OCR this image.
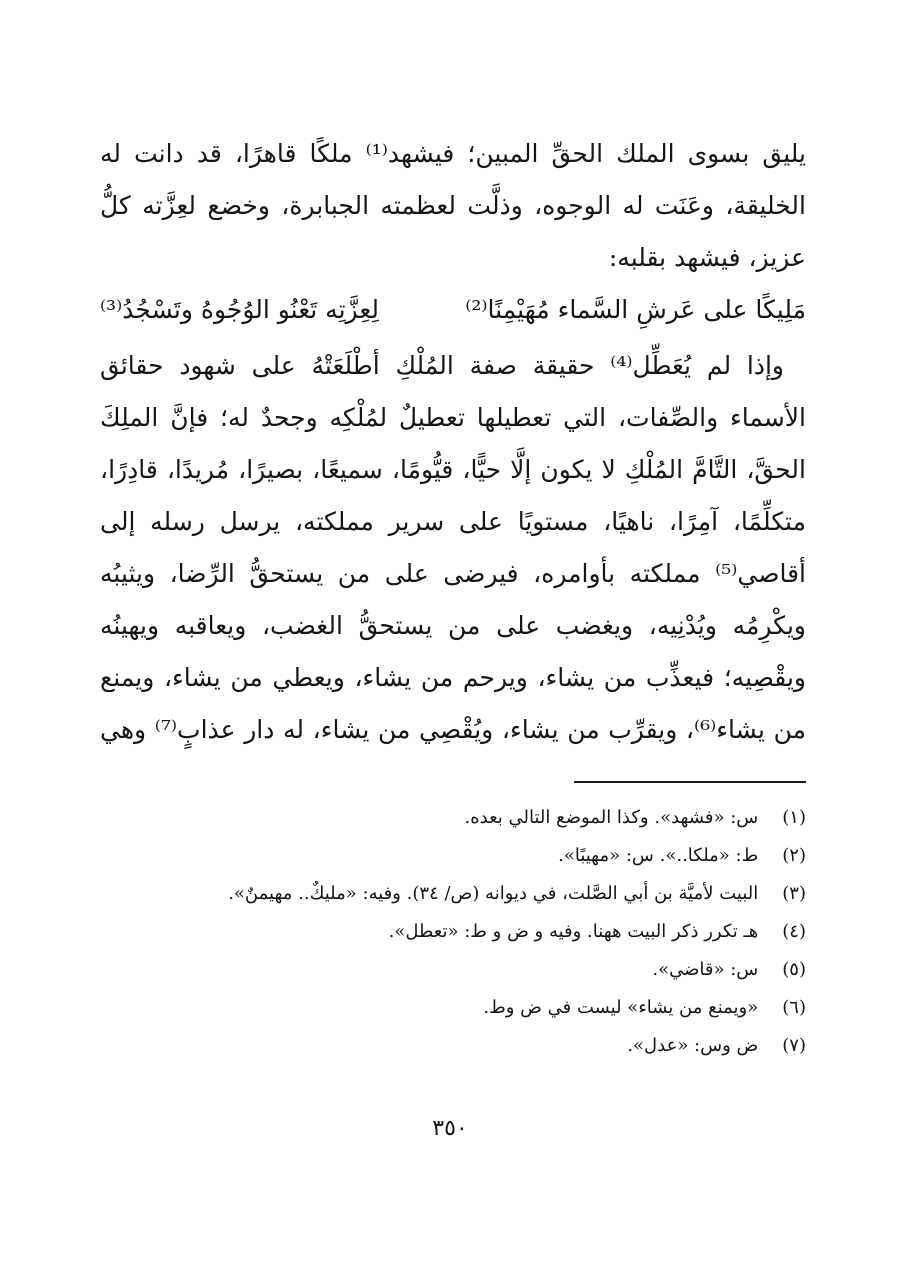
يليق بسوى الملك الحقِّ المبين؛ فيشهد⁽¹⁾ ملكًا قاهرًا، قد دانت له
الخليقة، وعَنَت له الوجوه، وذلَّت لعظمته الجبابرة، وخضع لعِزَّته كلُّ
عزيز، فيشهد بقلبه:
مَلِيكًا على عَرشِ السَّماء مُهَيْمِنًا⁽²⁾
لِعِزَّتِه تَعْنُو الوُجُوهُ وتَسْجُدُ⁽³⁾
وإذا لم يُعَطِّل⁽⁴⁾ حقيقة صفة المُلْكِ أطْلَعَتْهُ على شهود حقائق
الأسماء والصِّفات، التي تعطيلها تعطيلٌ لمُلْكِه وجحدٌ له؛ فإنَّ الملِكَ
الحقَّ، التَّامَّ المُلْكِ لا يكون إلَّا حيًّا، قيُّومًا، سميعًا، بصيرًا، مُريدًا، قادِرًا،
متكلِّمًا، آمِرًا، ناهيًا، مستويًا على سرير مملكته، يرسل رسله إلى
أقاصي⁽⁵⁾ مملكته بأوامره، فيرضى على من يستحقُّ الرِّضا، ويثيبُه
ويكْرِمُه ويُدْنِيه، ويغضب على من يستحقُّ الغضب، ويعاقبه ويهينُه
ويقْصِيه؛ فيعذِّب من يشاء، ويرحم من يشاء، ويعطي من يشاء، ويمنع
من يشاء⁽⁶⁾، ويقرِّب من يشاء، ويُقْصِي من يشاء، له دار عذابٍ⁽⁷⁾ وهي
(١) س: «فشهد». وكذا الموضع التالي بعده.
(٢) ط: «ملكا..». س: «مهيبًا».
(٣) البيت لأميَّة بن أبي الصَّلت، في ديوانه (ص/ ٣٤). وفيه: «مليكٌ.. مهيمنٌ».
(٤) هـ تكرر ذكر البيت ههنا. وفيه و ض و ط: «تعطل».
(٥) س: «قاضي».
(٦) «ويمنع من يشاء» ليست في ض وط.
(٧) ض وس: «عدل».
٣٥٠
